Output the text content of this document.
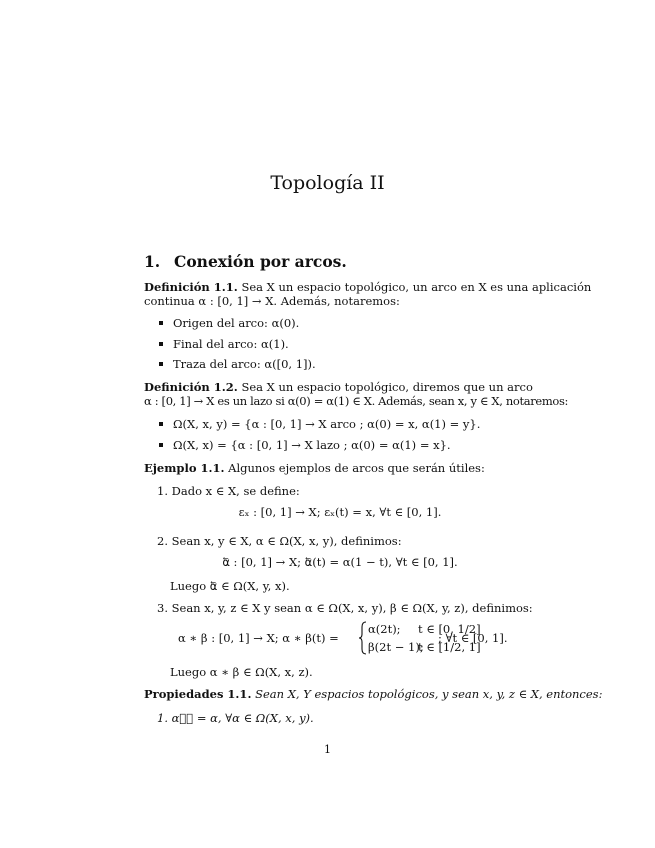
Topología II
1. Conexión por arcos.
Definición 1.1. Sea X un espacio topológico, un arco en X es una aplicación
continua α : [0, 1] → X. Además, notaremos:
Origen del arco: α(0).
Final del arco: α(1).
Traza del arco: α([0, 1]).
Definición 1.2. Sea X un espacio topológico, diremos que un arco
α : [0, 1] → X es un lazo si α(0) = α(1) ∈ X. Además, sean x, y ∈ X, notaremos:
Ω(X, x, y) = {α : [0, 1] → X arco ; α(0) = x, α(1) = y}.
Ω(X, x) = {α : [0, 1] → X lazo ; α(0) = α(1) = x}.
Ejemplo 1.1. Algunos ejemplos de arcos que serán útiles:
1. Dado x ∈ X, se define:
εₓ : [0, 1] → X; εₓ(t) = x, ∀t ∈ [0, 1].
2. Sean x, y ∈ X, α ∈ Ω(X, x, y), definimos:
α⃖ : [0, 1] → X; α⃖(t) = α(1 − t), ∀t ∈ [0, 1].
Luego α⃖ ∈ Ω(X, y, x).
3. Sean x, y, z ∈ X y sean α ∈ Ω(X, x, y), β ∈ Ω(X, y, z), definimos:
α ∗ β : [0, 1] → X; α ∗ β(t) =
α(2t); t ∈ [0, 1/2]
β(2t − 1);
t ∈ [1/2, 1]
; ∀t ∈ [0, 1].
Luego α ∗ β ∈ Ω(X, x, z).
Propiedades 1.1. Sean X, Y espacios topológicos, y sean x, y, z ∈ X, entonces:
1. α⃖⃖ = α, ∀α ∈ Ω(X, x, y).
1
